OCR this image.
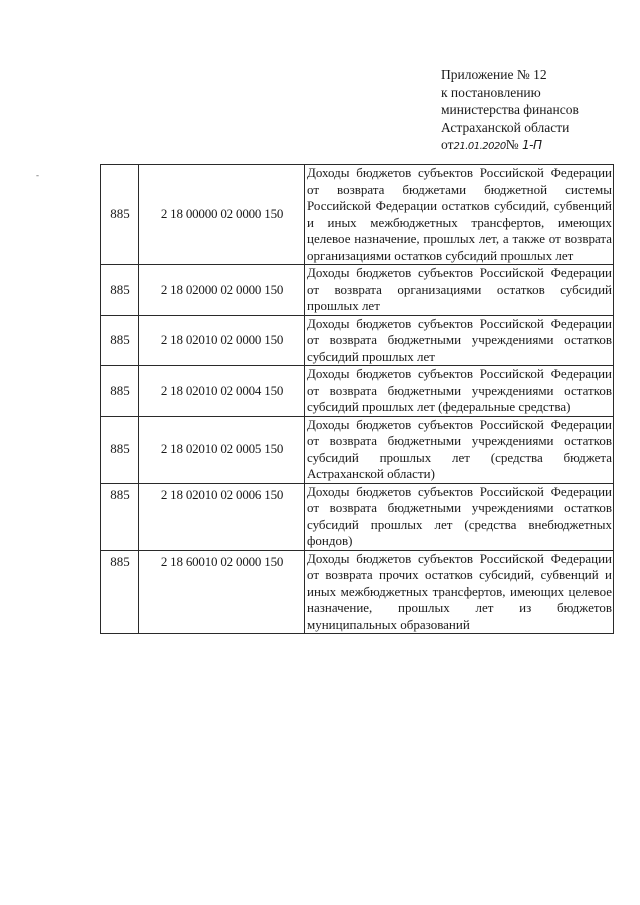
Приложение № 12
к постановлению
министерства финансов
Астраханской области
от21.01.2020№ 1-П
-
885	2 18 00000 02 0000 150	Доходы бюджетов субъектов Российской Федерации от возврата бюджетами бюджетной системы Российской Федерации остатков субсидий, субвенций и иных межбюджетных трансфертов, имеющих целевое назначение, прошлых лет, а также от возврата организациями остатков субсидий прошлых лет
885	2 18 02000 02 0000 150	Доходы бюджетов субъектов Российской Федерации от возврата организациями остатков субсидий прошлых лет
885	2 18 02010 02 0000 150	Доходы бюджетов субъектов Российской Федерации от возврата бюджетными учреждениями остатков субсидий прошлых лет
885	2 18 02010 02 0004 150	Доходы бюджетов субъектов Российской Федерации от возврата бюджетными учреждениями остатков субсидий прошлых лет (федеральные средства)
885	2 18 02010 02 0005 150	Доходы бюджетов субъектов Российской Федерации от возврата бюджетными учреждениями остатков субсидий прошлых лет (средства бюджета Астраханской области)
885	2 18 02010 02 0006 150	Доходы бюджетов субъектов Российской Федерации от возврата бюджетными учреждениями остатков субсидий прошлых лет (средства внебюджетных фондов)
885	2 18 60010 02 0000 150	Доходы бюджетов субъектов Российской Федерации от возврата прочих остатков субсидий, субвенций и иных межбюджетных трансфертов, имеющих целевое назначение, прошлых лет из бюджетов муниципальных образований
